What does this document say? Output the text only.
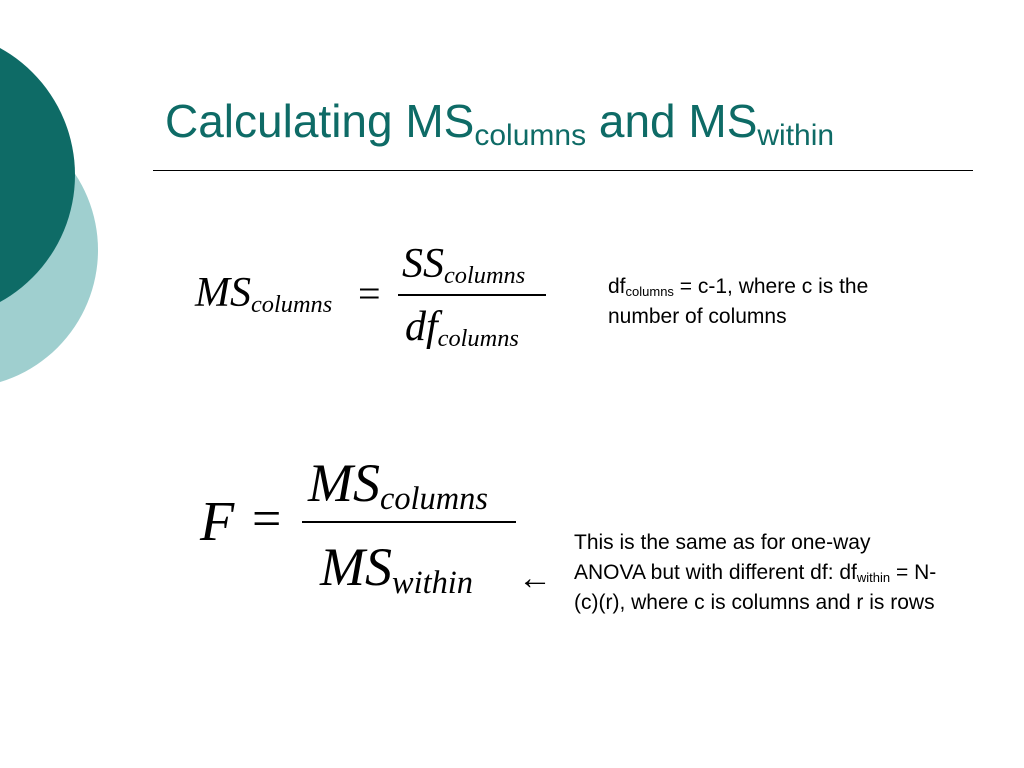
Calculating $MS_{columns}$ and $MS_{within}$
MScolumns =
SScolumns
dfcolumns
$df_{columns} = c-1$, where c is the number of columns
F =
MScolumns
MSwithin ←
This is the same as for one-way ANOVA but with different df: $df_{within} = N-(c)(r)$, where c is columns and r is rows
